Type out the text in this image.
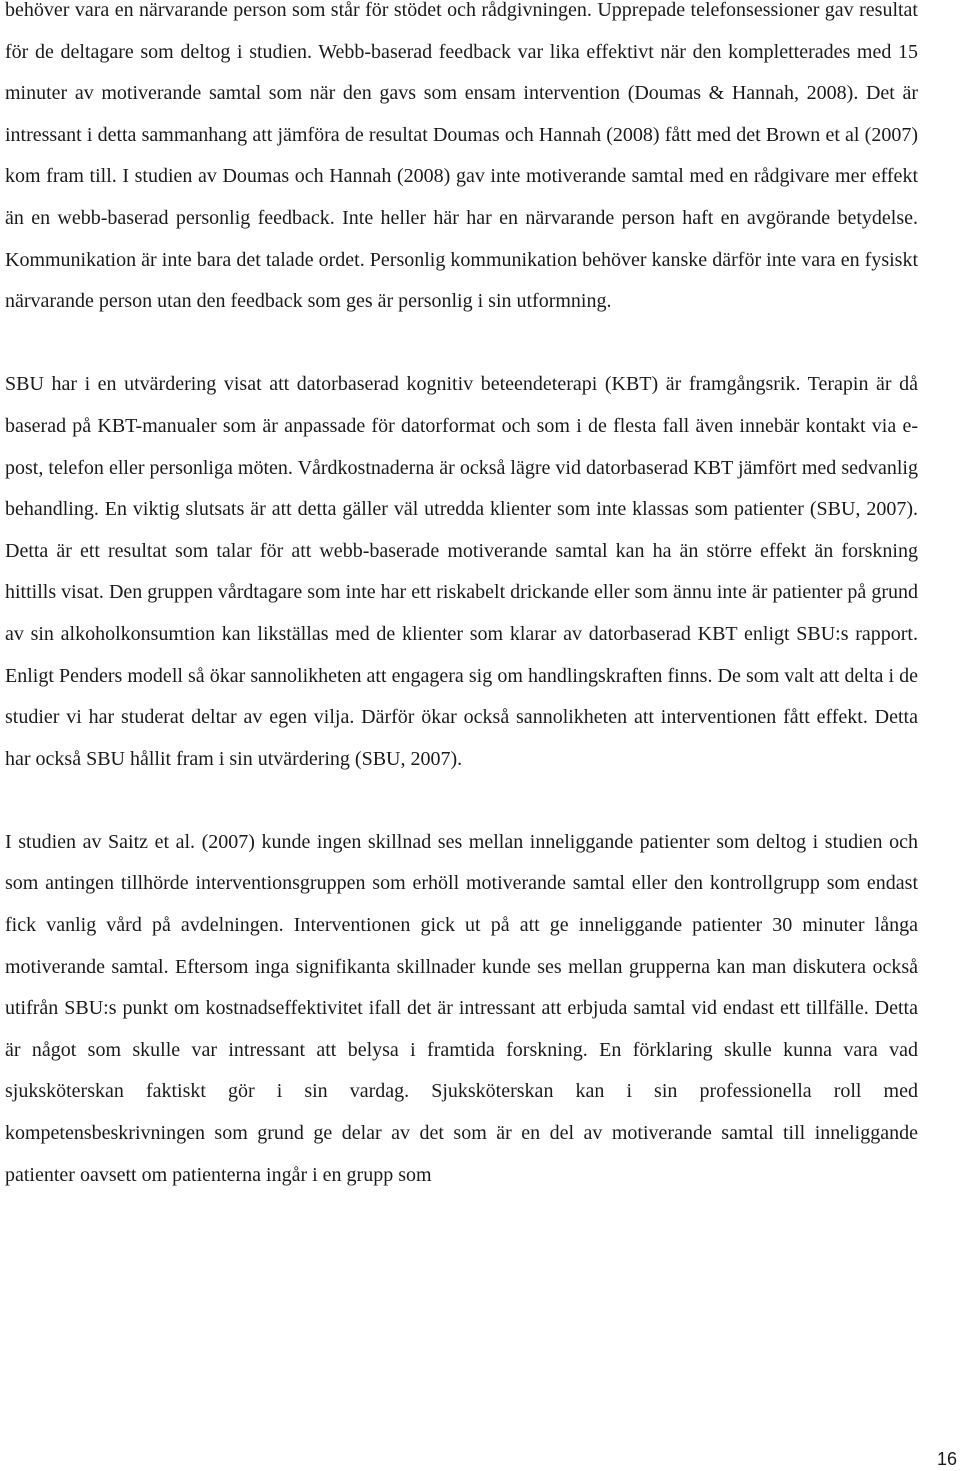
behöver vara en närvarande person som står för stödet och rådgivningen. Upprepade telefonsessioner gav resultat för de deltagare som deltog i studien. Webb-baserad feedback var lika effektivt när den kompletterades med 15 minuter av motiverande samtal som när den gavs som ensam intervention (Doumas & Hannah, 2008). Det är intressant i detta sammanhang att jämföra de resultat Doumas och Hannah (2008) fått med det Brown et al (2007) kom fram till. I studien av Doumas och Hannah (2008) gav inte motiverande samtal med en rådgivare mer effekt än en webb-baserad personlig feedback. Inte heller här har en närvarande person haft en avgörande betydelse. Kommunikation är inte bara det talade ordet. Personlig kommunikation behöver kanske därför inte vara en fysiskt närvarande person utan den feedback som ges är personlig i sin utformning.

SBU har i en utvärdering visat att datorbaserad kognitiv beteendeterapi (KBT) är framgångsrik. Terapin är då baserad på KBT-manualer som är anpassade för datorformat och som i de flesta fall även innebär kontakt via e-post, telefon eller personliga möten. Vårdkostnaderna är också lägre vid datorbaserad KBT jämfört med sedvanlig behandling. En viktig slutsats är att detta gäller väl utredda klienter som inte klassas som patienter (SBU, 2007). Detta är ett resultat som talar för att webb-baserade motiverande samtal kan ha än större effekt än forskning hittills visat. Den gruppen vårdtagare som inte har ett riskabelt drickande eller som ännu inte är patienter på grund av sin alkoholkonsumtion kan likställas med de klienter som klarar av datorbaserad KBT enligt SBU:s rapport. Enligt Penders modell så ökar sannolikheten att engagera sig om handlingskraften finns. De som valt att delta i de studier vi har studerat deltar av egen vilja. Därför ökar också sannolikheten att interventionen fått effekt. Detta har också SBU hållit fram i sin utvärdering (SBU, 2007).

I studien av Saitz et al. (2007) kunde ingen skillnad ses mellan inneliggande patienter som deltog i studien och som antingen tillhörde interventionsgruppen som erhöll motiverande samtal eller den kontrollgrupp som endast fick vanlig vård på avdelningen. Interventionen gick ut på att ge inneliggande patienter 30 minuter långa motiverande samtal. Eftersom inga signifikanta skillnader kunde ses mellan grupperna kan man diskutera också utifrån SBU:s punkt om kostnadseffektivitet ifall det är intressant att erbjuda samtal vid endast ett tillfälle. Detta är något som skulle var intressant att belysa i framtida forskning. En förklaring skulle kunna vara vad sjuksköterskan faktiskt gör i sin vardag. Sjuksköterskan kan i sin professionella roll med kompetensbeskrivningen som grund ge delar av det som är en del av motiverande samtal till inneliggande patienter oavsett om patienterna ingår i en grupp som

16
